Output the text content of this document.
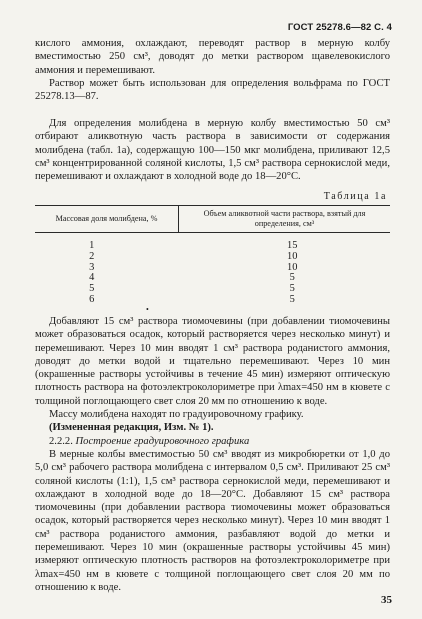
ГОСТ 25278.6—82 С. 4

кислого аммония, охлаждают, переводят раствор в мерную колбу вместимостью 250 см³, доводят до метки раствором щавелевокислого аммония и перемешивают.

Раствор может быть использован для определения вольфрама по ГОСТ 25278.13—87.

Для определения молибдена в мерную колбу вместимостью 50 см³ отбирают аликвотную часть раствора в зависимости от содержания молибдена (табл. 1а), содержащую 100—150 мкг молибдена, приливают 12,5 см³ концентрированной соляной кислоты, 1,5 см³ раствора сернокислой меди, перемешивают и охлаждают в холодной воде до 18—20°С.

Таблица 1а
Массовая доля молибдена, %	Объем аликвотной части раствора, взятый для определения, см³
1	15
2	10
3	10
4	5
5	5
6	5
•

Добавляют 15 см³ раствора тиомочевины (при добавлении тиомочевины может образоваться осадок, который растворяется через несколько минут) и перемешивают. Через 10 мин вводят 1 см³ раствора роданистого аммония, доводят до метки водой и тщательно перемешивают. Через 10 мин (окрашенные растворы устойчивы в течение 45 мин) измеряют оптическую плотность раствора на фотоэлектроколориметре при λmax=450 нм в кювете с толщиной поглощающего свет слоя 20 мм по отношению к воде.

Массу молибдена находят по градуировочному графику.

(Измененная редакция, Изм. № 1).

2.2.2. Построение градуировочного графика

В мерные колбы вместимостью 50 см³ вводят из микробюретки от 1,0 до 5,0 см³ рабочего раствора молибдена с интервалом 0,5 см³. Приливают 25 см³ соляной кислоты (1:1), 1,5 см³ раствора сернокислой меди, перемешивают и охлаждают в холодной воде до 18—20°С. Добавляют 15 см³ раствора тиомочевины (при добавлении раствора тиомочевины может образоваться осадок, который растворяется через несколько минут). Через 10 мин вводят 1 см³ раствора роданистого аммония, разбавляют водой до метки и перемешивают. Через 10 мин (окрашенные растворы устойчивы 45 мин) измеряют оптическую плотность растворов на фотоэлектроколориметре при λmax=450 нм в кювете с толщиной поглощающего свет слоя 20 мм по отношению к воде.

35
